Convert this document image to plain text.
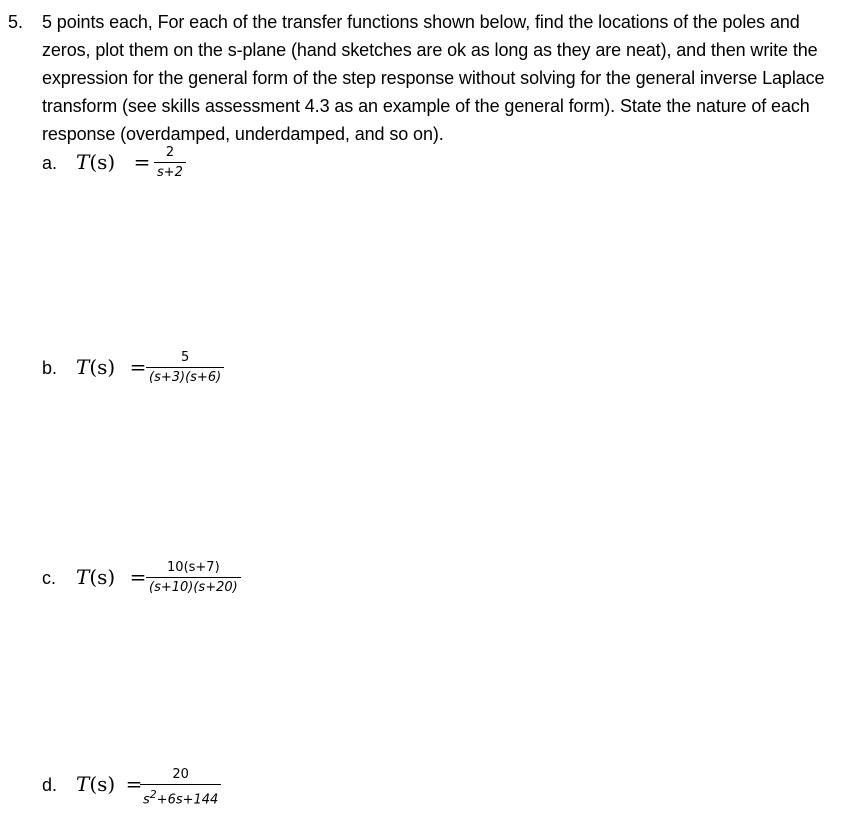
5. 5 points each, For each of the transfer functions shown below, find the locations of the poles and zeros, plot them on the s-plane (hand sketches are ok as long as they are neat), and then write the expression for the general form of the step response without solving for the general inverse Laplace transform (see skills assessment 4.3 as an example of the general form). State the nature of each response (overdamped, underdamped, and so on).
a. $T(s) = \frac{2}{s+2}$
b. $T(s) = \frac{5}{(s+3)(s+6)}$
c. $T(s) = \frac{10(s+7)}{(s+10)(s+20)}$
d. T(s) =
$\frac{20}{s^2+6s+144}$
